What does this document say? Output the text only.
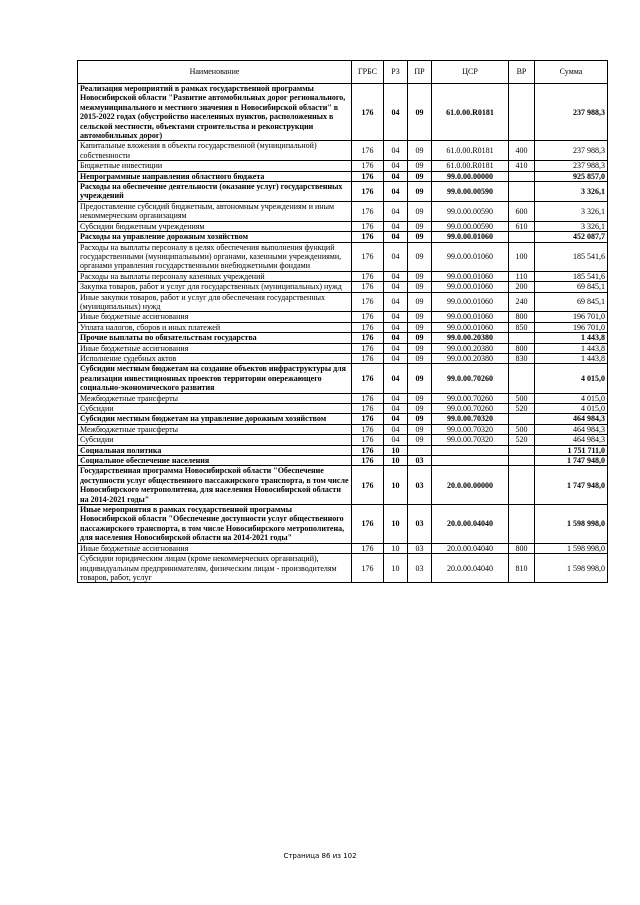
Наименование	ГРБС	РЗ	ПР	ЦСР	ВР	Сумма
Реализация мероприятий в рамках государственной программы Новосибирской области "Развитие автомобильных дорог регионального, межмуниципального и местного значения в Новосибирской области" в 2015-2022 годах (обустройство населенных пунктов, расположенных в сельской местности, объектами строительства и реконструкции автомобильных дорог)	176	04	09	61.0.00.R0181		237 988,3
Капитальные вложения в объекты государственной (муниципальной) собственности	176	04	09	61.0.00.R0181	400	237 988,3
Бюджетные инвестиции	176	04	09	61.0.00.R0181	410	237 988,3
Непрограммные направления областного бюджета	176	04	09	99.0.00.00000		925 857,0
Расходы на обеспечение деятельности (оказание услуг) государственных учреждений	176	04	09	99.0.00.00590		3 326,1
Предоставление субсидий бюджетным, автономным учреждениям и иным некоммерческим организациям	176	04	09	99.0.00.00590	600	3 326,1
Субсидии бюджетным учреждениям	176	04	09	99.0.00.00590	610	3 326,1
Расходы на управление дорожным хозяйством	176	04	09	99.0.00.01060		452 087,7
Расходы на выплаты персоналу в целях обеспечения выполнения функций государственными (муниципальными) органами, казенными учреждениями, органами управления государственными внебюджетными фондами	176	04	09	99.0.00.01060	100	185 541,6
Расходы на выплаты персоналу казенных учреждений	176	04	09	99.0.00.01060	110	185 541,6
Закупка товаров, работ и услуг для государственных (муниципальных) нужд	176	04	09	99.0.00.01060	200	69 845,1
Иные закупки товаров, работ и услуг для обеспечения государственных (муниципальных) нужд	176	04	09	99.0.00.01060	240	69 845,1
Иные бюджетные ассигнования	176	04	09	99.0.00.01060	800	196 701,0
Уплата налогов, сборов и иных платежей	176	04	09	99.0.00.01060	850	196 701,0
Прочие выплаты по обязательствам государства	176	04	09	99.0.00.20380		1 443,8
Иные бюджетные ассигнования	176	04	09	99.0.00.20380	800	1 443,8
Исполнение судебных актов	176	04	09	99.0.00.20380	830	1 443,8
Субсидии местным бюджетам на создание объектов инфраструктуры для реализации инвестиционных проектов территории опережающего социально-экономического развития	176	04	09	99.0.00.70260		4 015,0
Межбюджетные трансферты	176	04	09	99.0.00.70260	500	4 015,0
Субсидии	176	04	09	99.0.00.70260	520	4 015,0
Субсидии местным бюджетам на управление дорожным хозяйством	176	04	09	99.0.00.70320		464 984,3
Межбюджетные трансферты	176	04	09	99.0.00.70320	500	464 984,3
Субсидии	176	04	09	99.0.00.70320	520	464 984,3
Социальная политика	176	10				1 751 711,0
Социальное обеспечение населения	176	10	03			1 747 948,0
Государственная программа Новосибирской области "Обеспечение доступности услуг общественного пассажирского транспорта, в том числе Новосибирского метрополитена, для населения Новосибирской области на 2014-2021 годы"	176	10	03	20.0.00.00000		1 747 948,0
Иные мероприятия в рамках государственной программы Новосибирской области "Обеспечение доступности услуг общественного пассажирского транспорта, в том числе Новосибирского метрополитена, для населения Новосибирской области на 2014-2021 годы"	176	10	03	20.0.00.04040		1 598 998,0
Иные бюджетные ассигнования	176	10	03	20.0.00.04040	800	1 598 998,0
Субсидии юридическим лицам (кроме некоммерческих организаций), индивидуальным предпринимателям, физическим лицам - производителям товаров, работ, услуг	176	10	03	20.0.00.04040	810	1 598 998,0
Страница 86 из 102
